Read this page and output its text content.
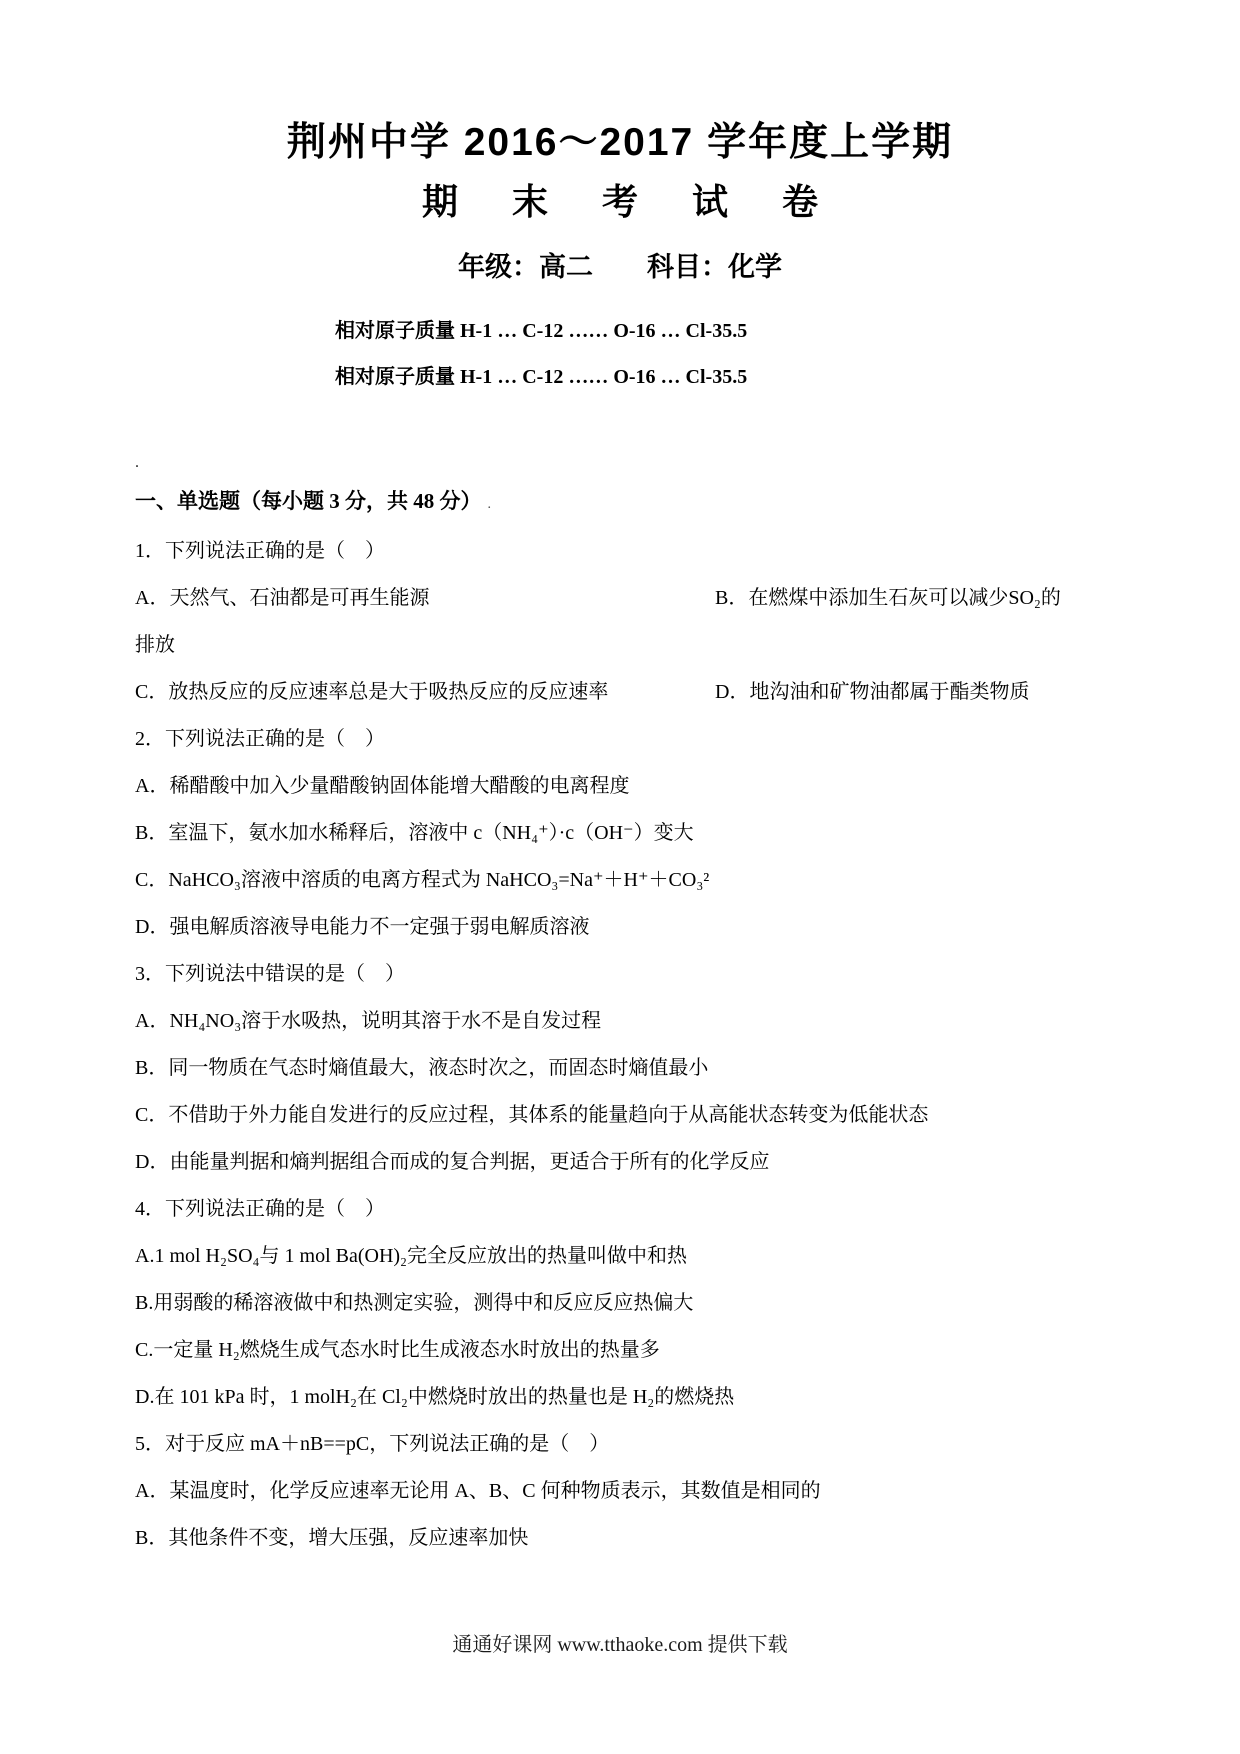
荆州中学 2016～2017 学年度上学期
期 末 考 试 卷
年级：高二　　科目：化学
相对原子质量 H-1 … C-12 …… O-16 … Cl-35.5
相对原子质量 H-1 … C-12 …… O-16 … Cl-35.5
.
一、单选题（每小题 3 分，共 48 分） .
1．下列说法正确的是（　）
A．天然气、石油都是可再生能源	B．在燃煤中添加生石灰可以减少SO₂的
排放
C．放热反应的反应速率总是大于吸热反应的反应速率	D．地沟油和矿物油都属于酯类物质
2．下列说法正确的是（　）
A．稀醋酸中加入少量醋酸钠固体能增大醋酸的电离程度
B．室温下，氨水加水稀释后，溶液中 c（NH₄⁺）·c（OH⁻）变大
C．NaHCO₃溶液中溶质的电离方程式为 NaHCO₃=Na⁺＋H⁺＋CO₃²
D．强电解质溶液导电能力不一定强于弱电解质溶液
3．下列说法中错误的是（　）
A．NH₄NO₃溶于水吸热，说明其溶于水不是自发过程
B．同一物质在气态时熵值最大，液态时次之，而固态时熵值最小
C．不借助于外力能自发进行的反应过程，其体系的能量趋向于从高能状态转变为低能状态
D．由能量判据和熵判据组合而成的复合判据，更适合于所有的化学反应
4．下列说法正确的是（　）
A.1 mol H₂SO₄与 1 mol Ba(OH)₂完全反应放出的热量叫做中和热
B.用弱酸的稀溶液做中和热测定实验，测得中和反应反应热偏大
C.一定量 H₂燃烧生成气态水时比生成液态水时放出的热量多
D.在 101 kPa 时，1 molH₂在 Cl₂中燃烧时放出的热量也是 H₂的燃烧热
5．对于反应 mA＋nB==pC，下列说法正确的是（　）
A．某温度时，化学反应速率无论用 A、B、C 何种物质表示，其数值是相同的
B．其他条件不变，增大压强，反应速率加快
通通好课网 www.tthaoke.com 提供下载
